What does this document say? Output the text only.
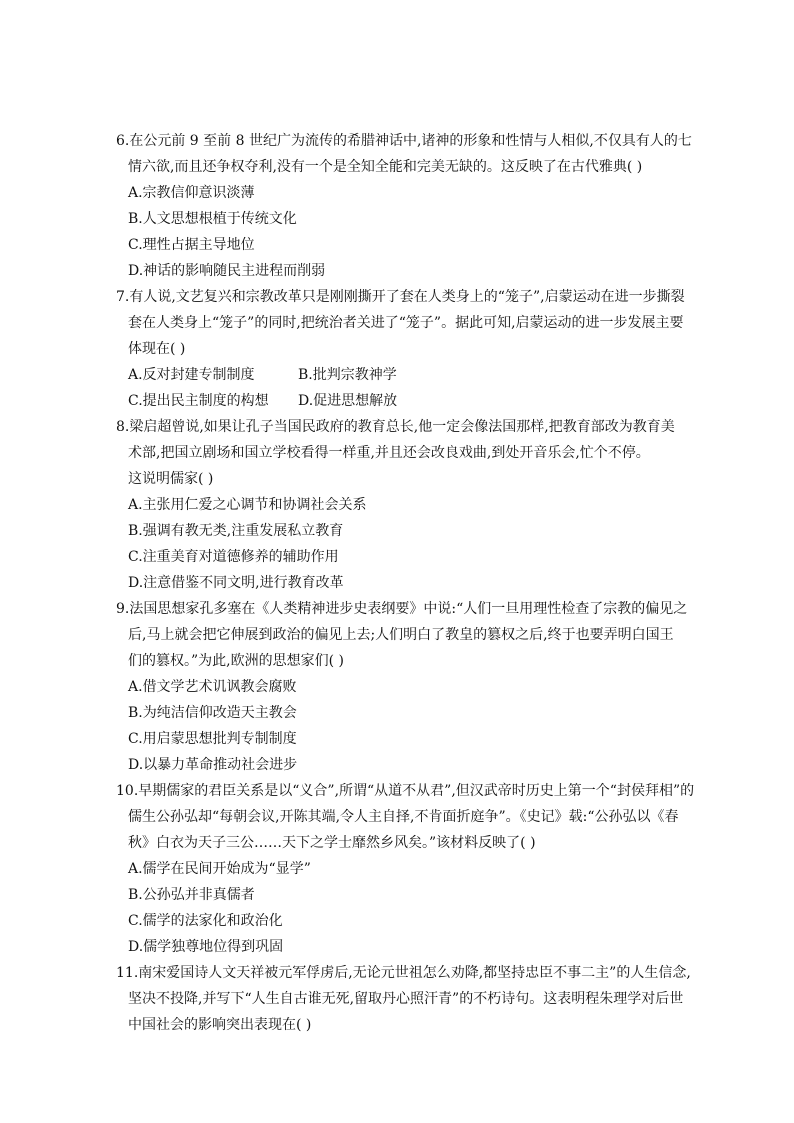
6.在公元前 9 至前 8 世纪广为流传的希腊神话中,诸神的形象和性情与人相似,不仅具有人的七
情六欲,而且还争权夺利,没有一个是全知全能和完美无缺的。这反映了在古代雅典( )
A.宗教信仰意识淡薄
B.人文思想根植于传统文化
C.理性占据主导地位
D.神话的影响随民主进程而削弱
7.有人说,文艺复兴和宗教改革只是刚刚撕开了套在人类身上的“笼子”,启蒙运动在进一步撕裂
套在人类身上“笼子”的同时,把统治者关进了“笼子”。据此可知,启蒙运动的进一步发展主要
体现在( )
A.反对封建专制制度	B.批判宗教神学
C.提出民主制度的构想 D.促进思想解放
8.梁启超曾说,如果让孔子当国民政府的教育总长,他一定会像法国那样,把教育部改为教育美
术部,把国立剧场和国立学校看得一样重,并且还会改良戏曲,到处开音乐会,忙个不停。
这说明儒家( )
A.主张用仁爱之心调节和协调社会关系
B.强调有教无类,注重发展私立教育
C.注重美育对道德修养的辅助作用
D.注意借鉴不同文明,进行教育改革
9.法国思想家孔多塞在《人类精神进步史表纲要》中说:“人们一旦用理性检查了宗教的偏见之
后,马上就会把它伸展到政治的偏见上去;人们明白了教皇的篡权之后,终于也要弄明白国王
们的篡权。”为此,欧洲的思想家们( )
A.借文学艺术讥讽教会腐败
B.为纯洁信仰改造天主教会
C.用启蒙思想批判专制制度
D.以暴力革命推动社会进步
10.早期儒家的君臣关系是以“义合”,所谓“从道不从君”,但汉武帝时历史上第一个“封侯拜相”的
儒生公孙弘却“每朝会议,开陈其端,令人主自择,不肯面折庭争”。《史记》载:“公孙弘以《春
秋》白衣为天子三公……天下之学士靡然乡风矣。”该材料反映了( )
A.儒学在民间开始成为“显学”
B.公孙弘并非真儒者
C.儒学的法家化和政治化
D.儒学独尊地位得到巩固
11.南宋爱国诗人文天祥被元军俘虏后,无论元世祖怎么劝降,都坚持忠臣不事二主”的人生信念,
坚决不投降,并写下“人生自古谁无死,留取丹心照汗青”的不朽诗句。这表明程朱理学对后世
中国社会的影响突出表现在( )
